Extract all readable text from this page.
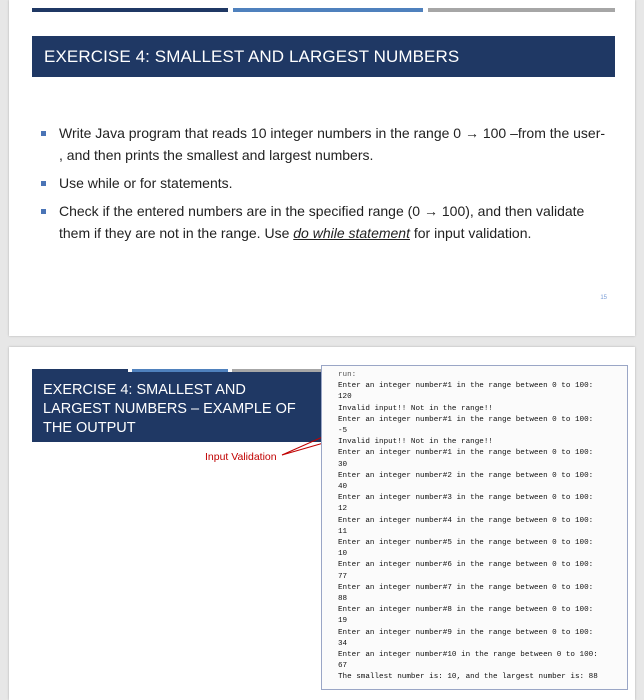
EXERCISE 4: SMALLEST AND LARGEST NUMBERS
Write Java program that reads 10 integer numbers in the range 0 → 100 –from the user- , and then prints the smallest and largest numbers.
Use while or for statements.
Check if the entered numbers are in the specified range (0 → 100), and then validate them if they are not in the range. Use do while statement for input validation.
15
EXERCISE 4: SMALLEST AND LARGEST NUMBERS – EXAMPLE OF THE OUTPUT
Input Validation
run:
Enter an integer number#1 in the range between 0 to 100:
120
Invalid input!! Not in the range!!
Enter an integer number#1 in the range between 0 to 100:
-5
Invalid input!! Not in the range!!
Enter an integer number#1 in the range between 0 to 100:
30
Enter an integer number#2 in the range between 0 to 100:
40
Enter an integer number#3 in the range between 0 to 100:
12
Enter an integer number#4 in the range between 0 to 100:
11
Enter an integer number#5 in the range between 0 to 100:
10
Enter an integer number#6 in the range between 0 to 100:
77
Enter an integer number#7 in the range between 0 to 100:
88
Enter an integer number#8 in the range between 0 to 100:
19
Enter an integer number#9 in the range between 0 to 100:
34
Enter an integer number#10 in the range between 0 to 100:
67
The smallest number is: 10, and the largest number is: 88
